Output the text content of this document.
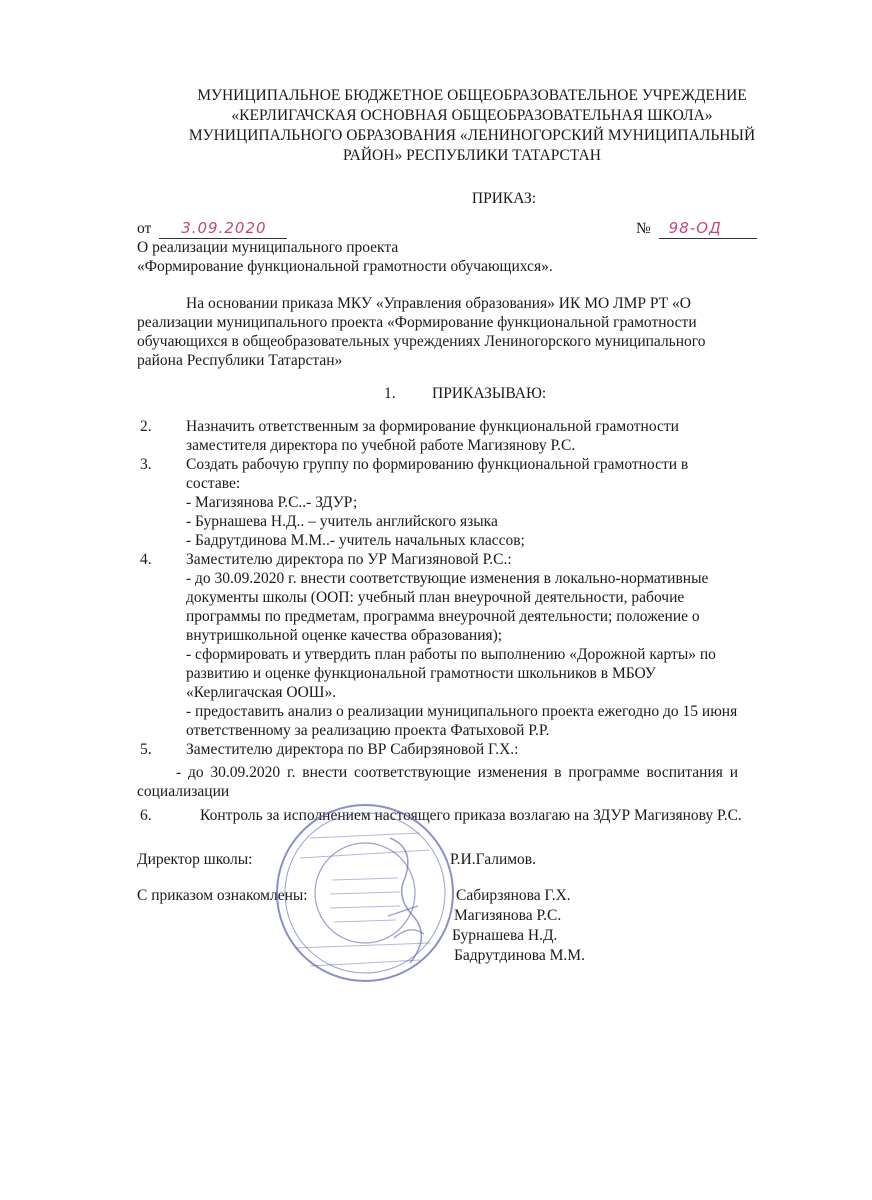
МУНИЦИПАЛЬНОЕ БЮДЖЕТНОЕ ОБЩЕОБРАЗОВАТЕЛЬНОЕ УЧРЕЖДЕНИЕ
«КЕРЛИГАЧСКАЯ ОСНОВНАЯ ОБЩЕОБРАЗОВАТЕЛЬНАЯ ШКОЛА»
МУНИЦИПАЛЬНОГО ОБРАЗОВАНИЯ «ЛЕНИНОГОРСКИЙ МУНИЦИПАЛЬНЫЙ
РАЙОН» РЕСПУБЛИКИ ТАТАРСТАН
ПРИКАЗ:
от 3.09.2020	№ 98-ОД
О реализации муниципального проекта
«Формирование функциональной грамотности обучающихся».
На основании приказа МКУ «Управления образования» ИК МО ЛМР РТ «О
реализации муниципального проекта «Формирование функциональной грамотности
обучающихся в общеобразовательных учреждениях Лениногорского муниципального
района Республики Татарстан»
1. ПРИКАЗЫВАЮ:
2. Назначить ответственным за формирование функциональной грамотности
заместителя директора по учебной работе Магизянову Р.С.
3. Создать рабочую группу по формированию функциональной грамотности в
составе:
- Магизянова Р.С..- ЗДУР;
- Бурнашева Н.Д.. – учитель английского языка
- Бадрутдинова М.М..- учитель начальных классов;
4. Заместителю директора по УР Магизяновой Р.С.:
- до 30.09.2020 г. внести соответствующие изменения в локально-нормативные
документы школы (ООП: учебный план внеурочной деятельности, рабочие
программы по предметам, программа внеурочной деятельности; положение о
внутришкольной оценке качества образования);
- сформировать и утвердить план работы по выполнению «Дорожной карты» по
развитию и оценке функциональной грамотности школьников в МБОУ
«Керлигачская ООШ».
- предоставить анализ о реализации муниципального проекта ежегодно до 15 июня
ответственному за реализацию проекта Фатыховой Р.Р.
5. Заместителю директора по ВР Сабирзяновой Г.Х.:
- до 30.09.2020 г. внести соответствующие изменения в программе воспитания и
социализации
6.	Контроль за исполнением настоящего приказа возлагаю на ЗДУР Магизянову Р.С.
Директор школы:	Р.И.Галимов.
С приказом ознакомлены:	Сабирзянова Г.Х.
Магизянова Р.С.
Бурнашева Н.Д.
Бадрутдинова М.М.
